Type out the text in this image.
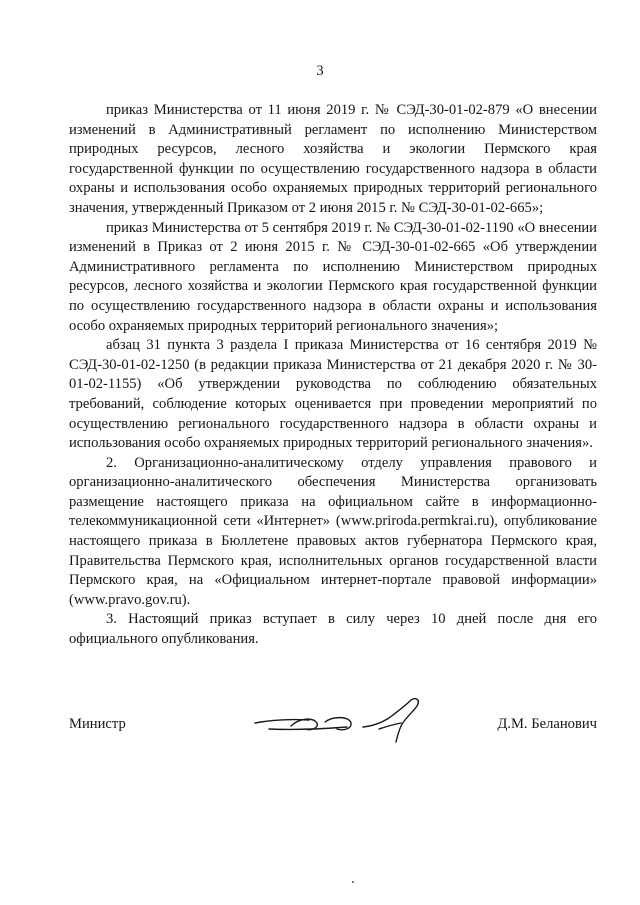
3

приказ Министерства от 11 июня 2019 г. № СЭД-30-01-02-879 «О внесении изменений в Административный регламент по исполнению Министерством природных ресурсов, лесного хозяйства и экологии Пермского края государственной функции по осуществлению государственного надзора в области охраны и использования особо охраняемых природных территорий регионального значения, утвержденный Приказом от 2 июня 2015 г. № СЭД-30-01-02-665»;

приказ Министерства от 5 сентября 2019 г. № СЭД-30-01-02-1190 «О внесении изменений в Приказ от 2 июня 2015 г. № СЭД-30-01-02-665 «Об утверждении Административного регламента по исполнению Министерством природных ресурсов, лесного хозяйства и экологии Пермского края государственной функции по осуществлению государственного надзора в области охраны и использования особо охраняемых природных территорий регионального значения»;

абзац 31 пункта 3 раздела I приказа Министерства от 16 сентября 2019 № СЭД-30-01-02-1250 (в редакции приказа Министерства от 21 декабря 2020 г. № 30-01-02-1155) «Об утверждении руководства по соблюдению обязательных требований, соблюдение которых оценивается при проведении мероприятий по осуществлению регионального государственного надзора в области охраны и использования особо охраняемых природных территорий регионального значения».

2. Организационно-аналитическому отделу управления правового и организационно-аналитического обеспечения Министерства организовать размещение настоящего приказа на официальном сайте в информационно-телекоммуникационной сети «Интернет» (www.priroda.permkrai.ru), опубликование настоящего приказа в Бюллетене правовых актов губернатора Пермского края, Правительства Пермского края, исполнительных органов государственной власти Пермского края, на «Официальном интернет-портале правовой информации» (www.pravo.gov.ru).

3. Настоящий приказ вступает в силу через 10 дней после дня его официального опубликования.

Министр	Д.М. Беланович
